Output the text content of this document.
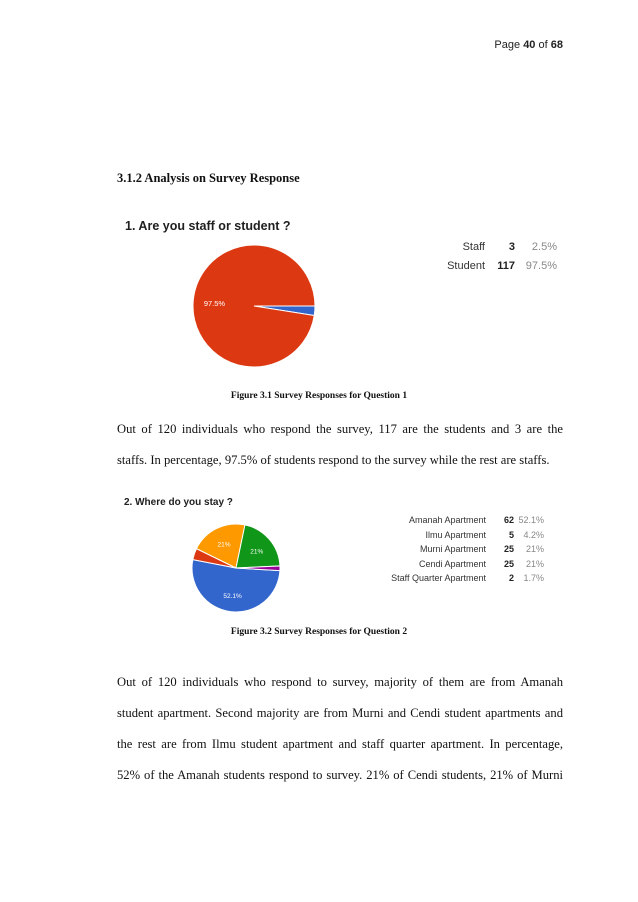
Page 40 of 68
3.1.2 Analysis on Survey Response
1. Are you staff or student ?
97.5%
Staff 3 2.5%
Student 117 97.5%
Figure 3.1 Survey Responses for Question 1
Out of 120 individuals who respond the survey, 117 are the students and 3 are the
staffs. In percentage, 97.5% of students respond to the survey while the rest are staffs.
2. Where do you stay ?
52.1%
21%
21%
Amanah Apartment 62 52.1%
Ilmu Apartment	5 4.2%
Murni Apartment 25 21%
Cendi Apartment 25 21%
Staff Quarter Apartment	2 1.7%
Figure 3.2 Survey Responses for Question 2
Out of 120 individuals who respond to survey, majority of them are from Amanah
student apartment. Second majority are from Murni and Cendi student apartments and
the rest are from Ilmu student apartment and staff quarter apartment. In percentage,
52% of the Amanah students respond to survey. 21% of Cendi students, 21% of Murni
